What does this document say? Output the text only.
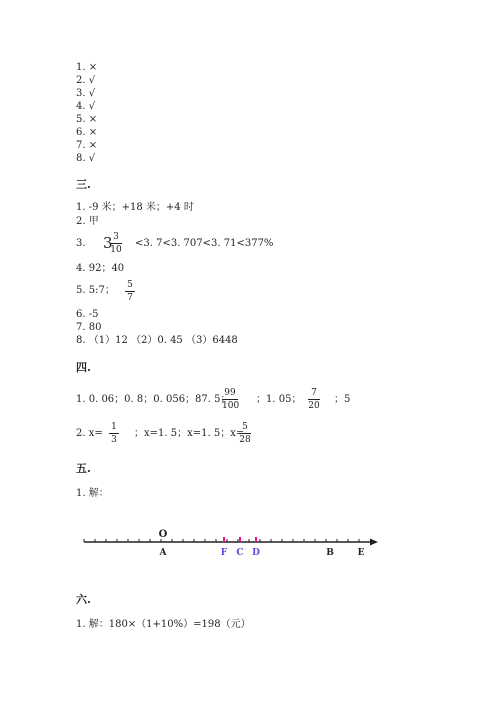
1. ×
2. √
3. √
4. √
5. ×
6. ×
7. ×
8. √
三.
1. -9 米；+18 米；+4 时
2. 甲
3. 3 3
10
<3. 7<3. 707<3. 71<377%
4. 92；40
5. 5:7； 5
7
6. -5
7. 80
8. （1）12 （2）0. 45 （3）6448
四.
1. 0. 06；0. 8；0. 056；87. 5；
99
100
；1. 05；
7
20
；5
2. x=
1
3
；x=1. 5；x=1. 5；x=
5
28
五.
1. 解：
O
A	F C D	B	E
六.
1. 解：180×（1+10%）=198（元）
